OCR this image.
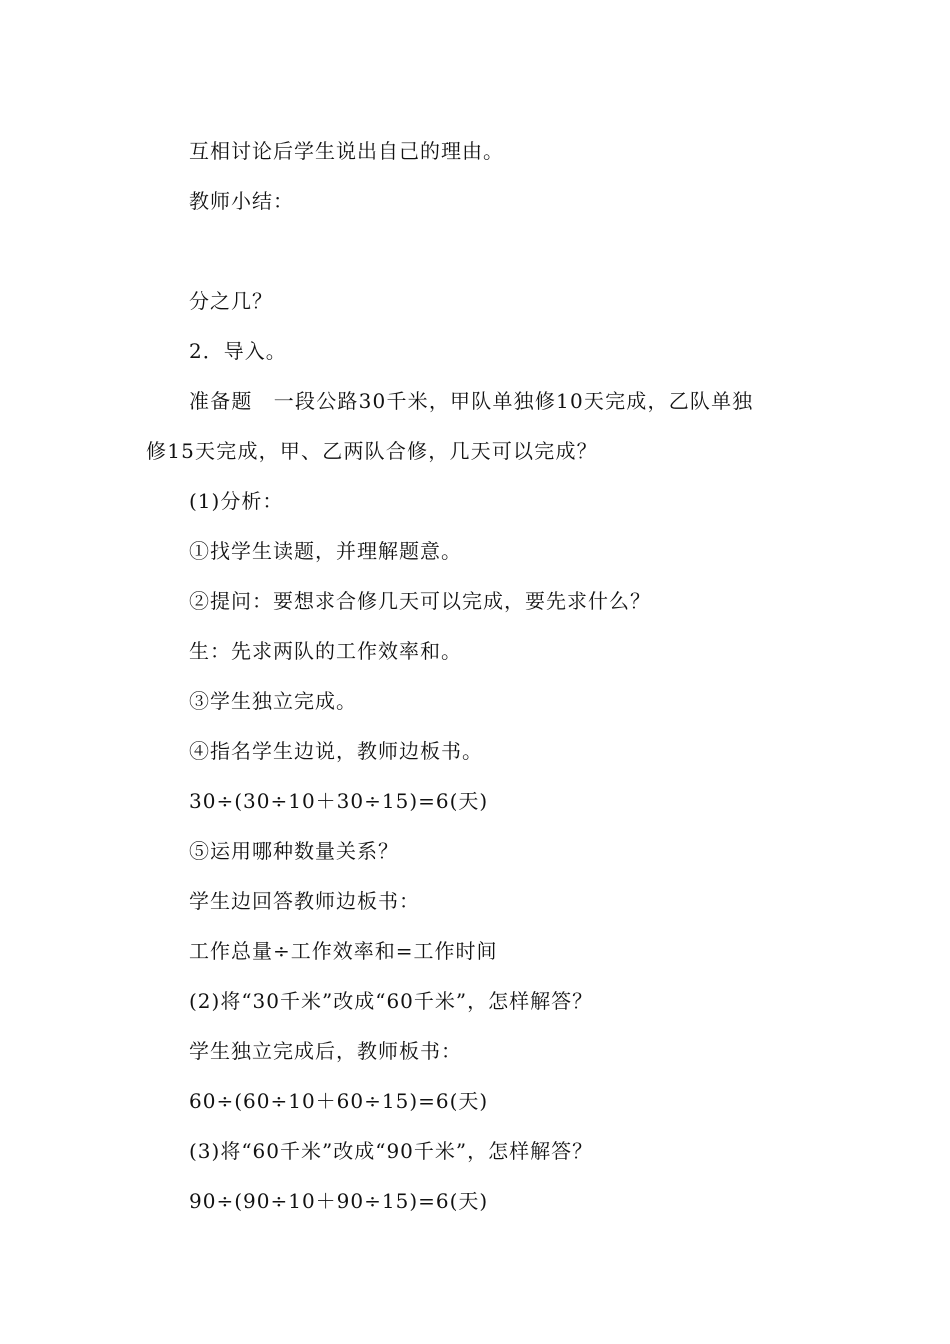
互相讨论后学生说出自己的理由。
教师小结：
分之几？
2．导入。
准备题　一段公路30千米，甲队单独修10天完成，乙队单独
修15天完成，甲、乙两队合修，几天可以完成？
(1)分析：
①找学生读题，并理解题意。
②提问：要想求合修几天可以完成，要先求什么？
生：先求两队的工作效率和。
③学生独立完成。
④指名学生边说，教师边板书。
30÷(30÷10＋30÷15)=6(天)
⑤运用哪种数量关系？
学生边回答教师边板书：
工作总量÷工作效率和=工作时间
(2)将“30千米”改成“60千米”，怎样解答？
学生独立完成后，教师板书：
60÷(60÷10＋60÷15)=6(天)
(3)将“60千米”改成“90千米”，怎样解答？
90÷(90÷10＋90÷15)=6(天)
